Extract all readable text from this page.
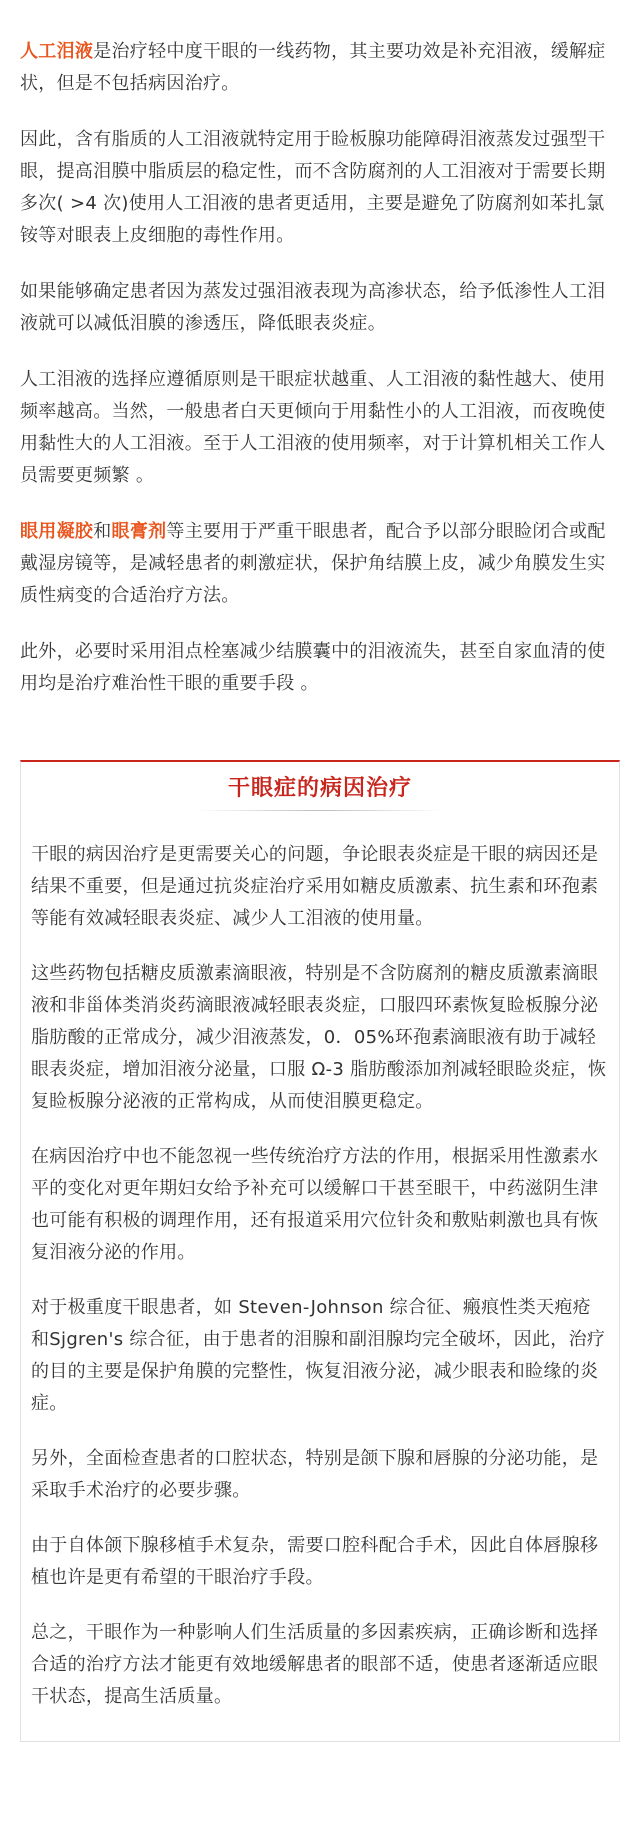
人工泪液是治疗轻中度干眼的一线药物，其主要功效是补充泪液，缓解症状，但是不包括病因治疗。

因此，含有脂质的人工泪液就特定用于睑板腺功能障碍泪液蒸发过强型干眼，提高泪膜中脂质层的稳定性，而不含防腐剂的人工泪液对于需要长期多次( >4 次)使用人工泪液的患者更适用，主要是避免了防腐剂如苯扎氯铵等对眼表上皮细胞的毒性作用。

如果能够确定患者因为蒸发过强泪液表现为高渗状态，给予低渗性人工泪液就可以减低泪膜的渗透压，降低眼表炎症。

人工泪液的选择应遵循原则是干眼症状越重、人工泪液的黏性越大、使用频率越高。当然，一般患者白天更倾向于用黏性小的人工泪液，而夜晚使用黏性大的人工泪液。至于人工泪液的使用频率，对于计算机相关工作人员需要更频繁 。

眼用凝胶和眼膏剂等主要用于严重干眼患者，配合予以部分眼睑闭合或配戴湿房镜等，是减轻患者的刺激症状，保护角结膜上皮，减少角膜发生实质性病变的合适治疗方法。

此外，必要时采用泪点栓塞减少结膜囊中的泪液流失，甚至自家血清的使用均是治疗难治性干眼的重要手段 。

干眼症的病因治疗

干眼的病因治疗是更需要关心的问题，争论眼表炎症是干眼的病因还是结果不重要，但是通过抗炎症治疗采用如糖皮质激素、抗生素和环孢素等能有效减轻眼表炎症、减少人工泪液的使用量。

这些药物包括糖皮质激素滴眼液，特别是不含防腐剂的糖皮质激素滴眼液和非甾体类消炎药滴眼液减轻眼表炎症，口服四环素恢复睑板腺分泌脂肪酸的正常成分，减少泪液蒸发，0．05%环孢素滴眼液有助于减轻眼表炎症，增加泪液分泌量，口服 Ω-3 脂肪酸添加剂减轻眼睑炎症，恢复睑板腺分泌液的正常构成，从而使泪膜更稳定。

在病因治疗中也不能忽视一些传统治疗方法的作用，根据采用性激素水平的变化对更年期妇女给予补充可以缓解口干甚至眼干，中药滋阴生津也可能有积极的调理作用，还有报道采用穴位针灸和敷贴刺激也具有恢复泪液分泌的作用。

对于极重度干眼患者，如 Steven-Johnson 综合征、瘢痕性类天疱疮和Sjgren's 综合征，由于患者的泪腺和副泪腺均完全破坏，因此，治疗的目的主要是保护角膜的完整性，恢复泪液分泌，减少眼表和睑缘的炎症。

另外，全面检查患者的口腔状态，特别是颌下腺和唇腺的分泌功能，是采取手术治疗的必要步骤。

由于自体颌下腺移植手术复杂，需要口腔科配合手术，因此自体唇腺移植也许是更有希望的干眼治疗手段。

总之，干眼作为一种影响人们生活质量的多因素疾病，正确诊断和选择合适的治疗方法才能更有效地缓解患者的眼部不适，使患者逐渐适应眼干状态，提高生活质量。
